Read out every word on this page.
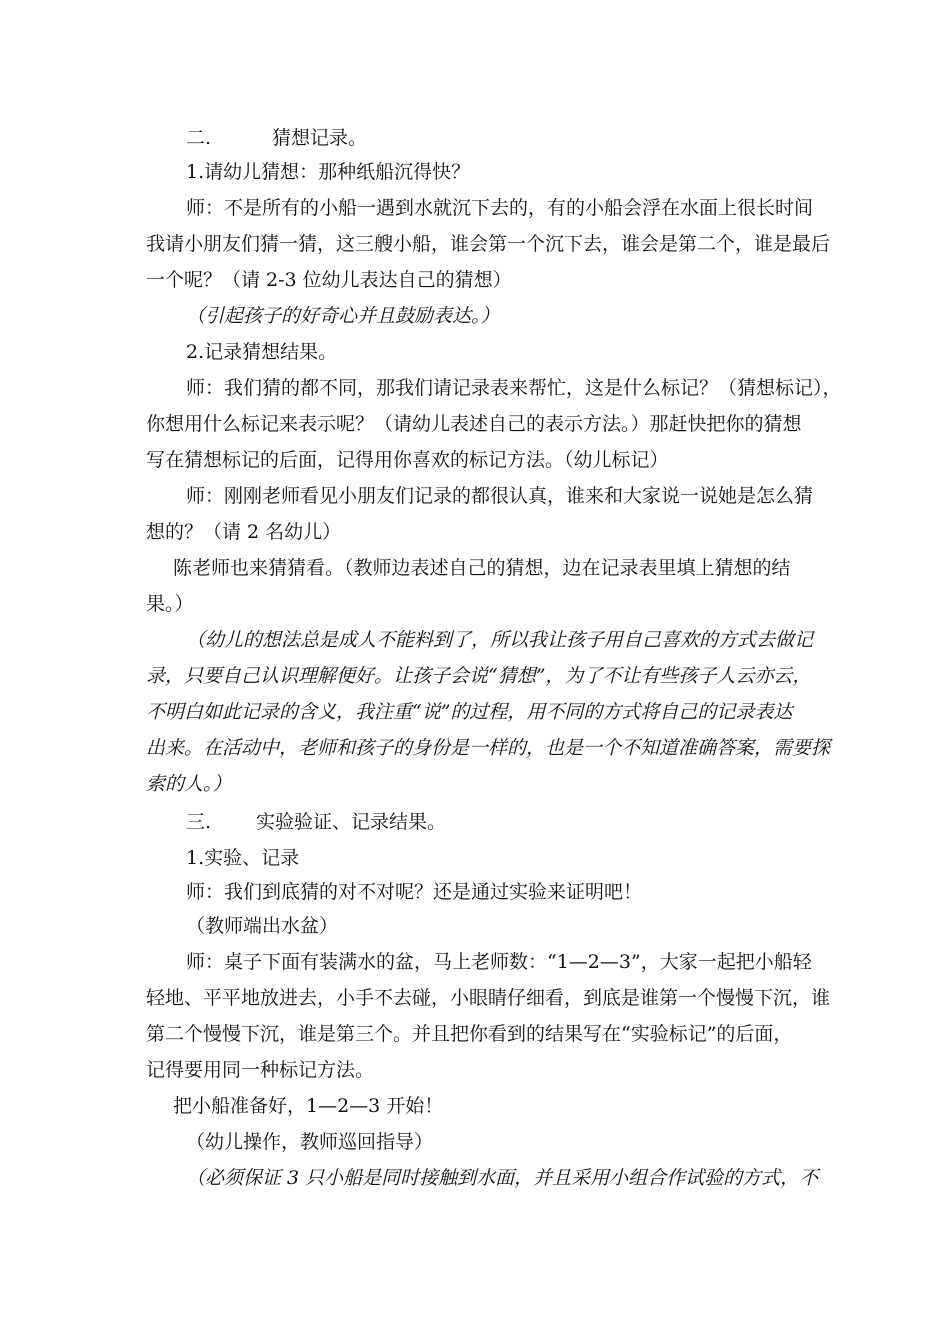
二.	猜想记录。
1.请幼儿猜想：那种纸船沉得快？
师：不是所有的小船一遇到水就沉下去的，有的小船会浮在水面上很长时间
我请小朋友们猜一猜，这三艘小船，谁会第一个沉下去，谁会是第二个，谁是最后
一个呢？（请 2-3 位幼儿表达自己的猜想）
（引起孩子的好奇心并且鼓励表达。）
2.记录猜想结果。
师：我们猜的都不同，那我们请记录表来帮忙，这是什么标记？（猜想标记），
你想用什么标记来表示呢？（请幼儿表述自己的表示方法。）那赶快把你的猜想
写在猜想标记的后面，记得用你喜欢的标记方法。（幼儿标记）
师：刚刚老师看见小朋友们记录的都很认真，谁来和大家说一说她是怎么猜
想的？（请 2 名幼儿）
陈老师也来猜猜看。（教师边表述自己的猜想，边在记录表里填上猜想的结
果。）
（幼儿的想法总是成人不能料到了，所以我让孩子用自己喜欢的方式去做记
录，只要自己认识理解便好。让孩子会说“猜想”，为了不让有些孩子人云亦云，
不明白如此记录的含义，我注重“说”的过程，用不同的方式将自己的记录表达
出来。在活动中，老师和孩子的身份是一样的，也是一个不知道准确答案，需要探
索的人。）
三. 实验验证、记录结果。
1.实验、记录
师：我们到底猜的对不对呢？还是通过实验来证明吧！
（教师端出水盆）
师：桌子下面有装满水的盆，马上老师数：“1—2—3”，大家一起把小船轻
轻地、平平地放进去，小手不去碰，小眼睛仔细看，到底是谁第一个慢慢下沉，谁
第二个慢慢下沉，谁是第三个。并且把你看到的结果写在“实验标记”的后面，
记得要用同一种标记方法。
把小船准备好，1—2—3 开始！
（幼儿操作，教师巡回指导）
（必须保证 3 只小船是同时接触到水面，并且采用小组合作试验的方式，不
